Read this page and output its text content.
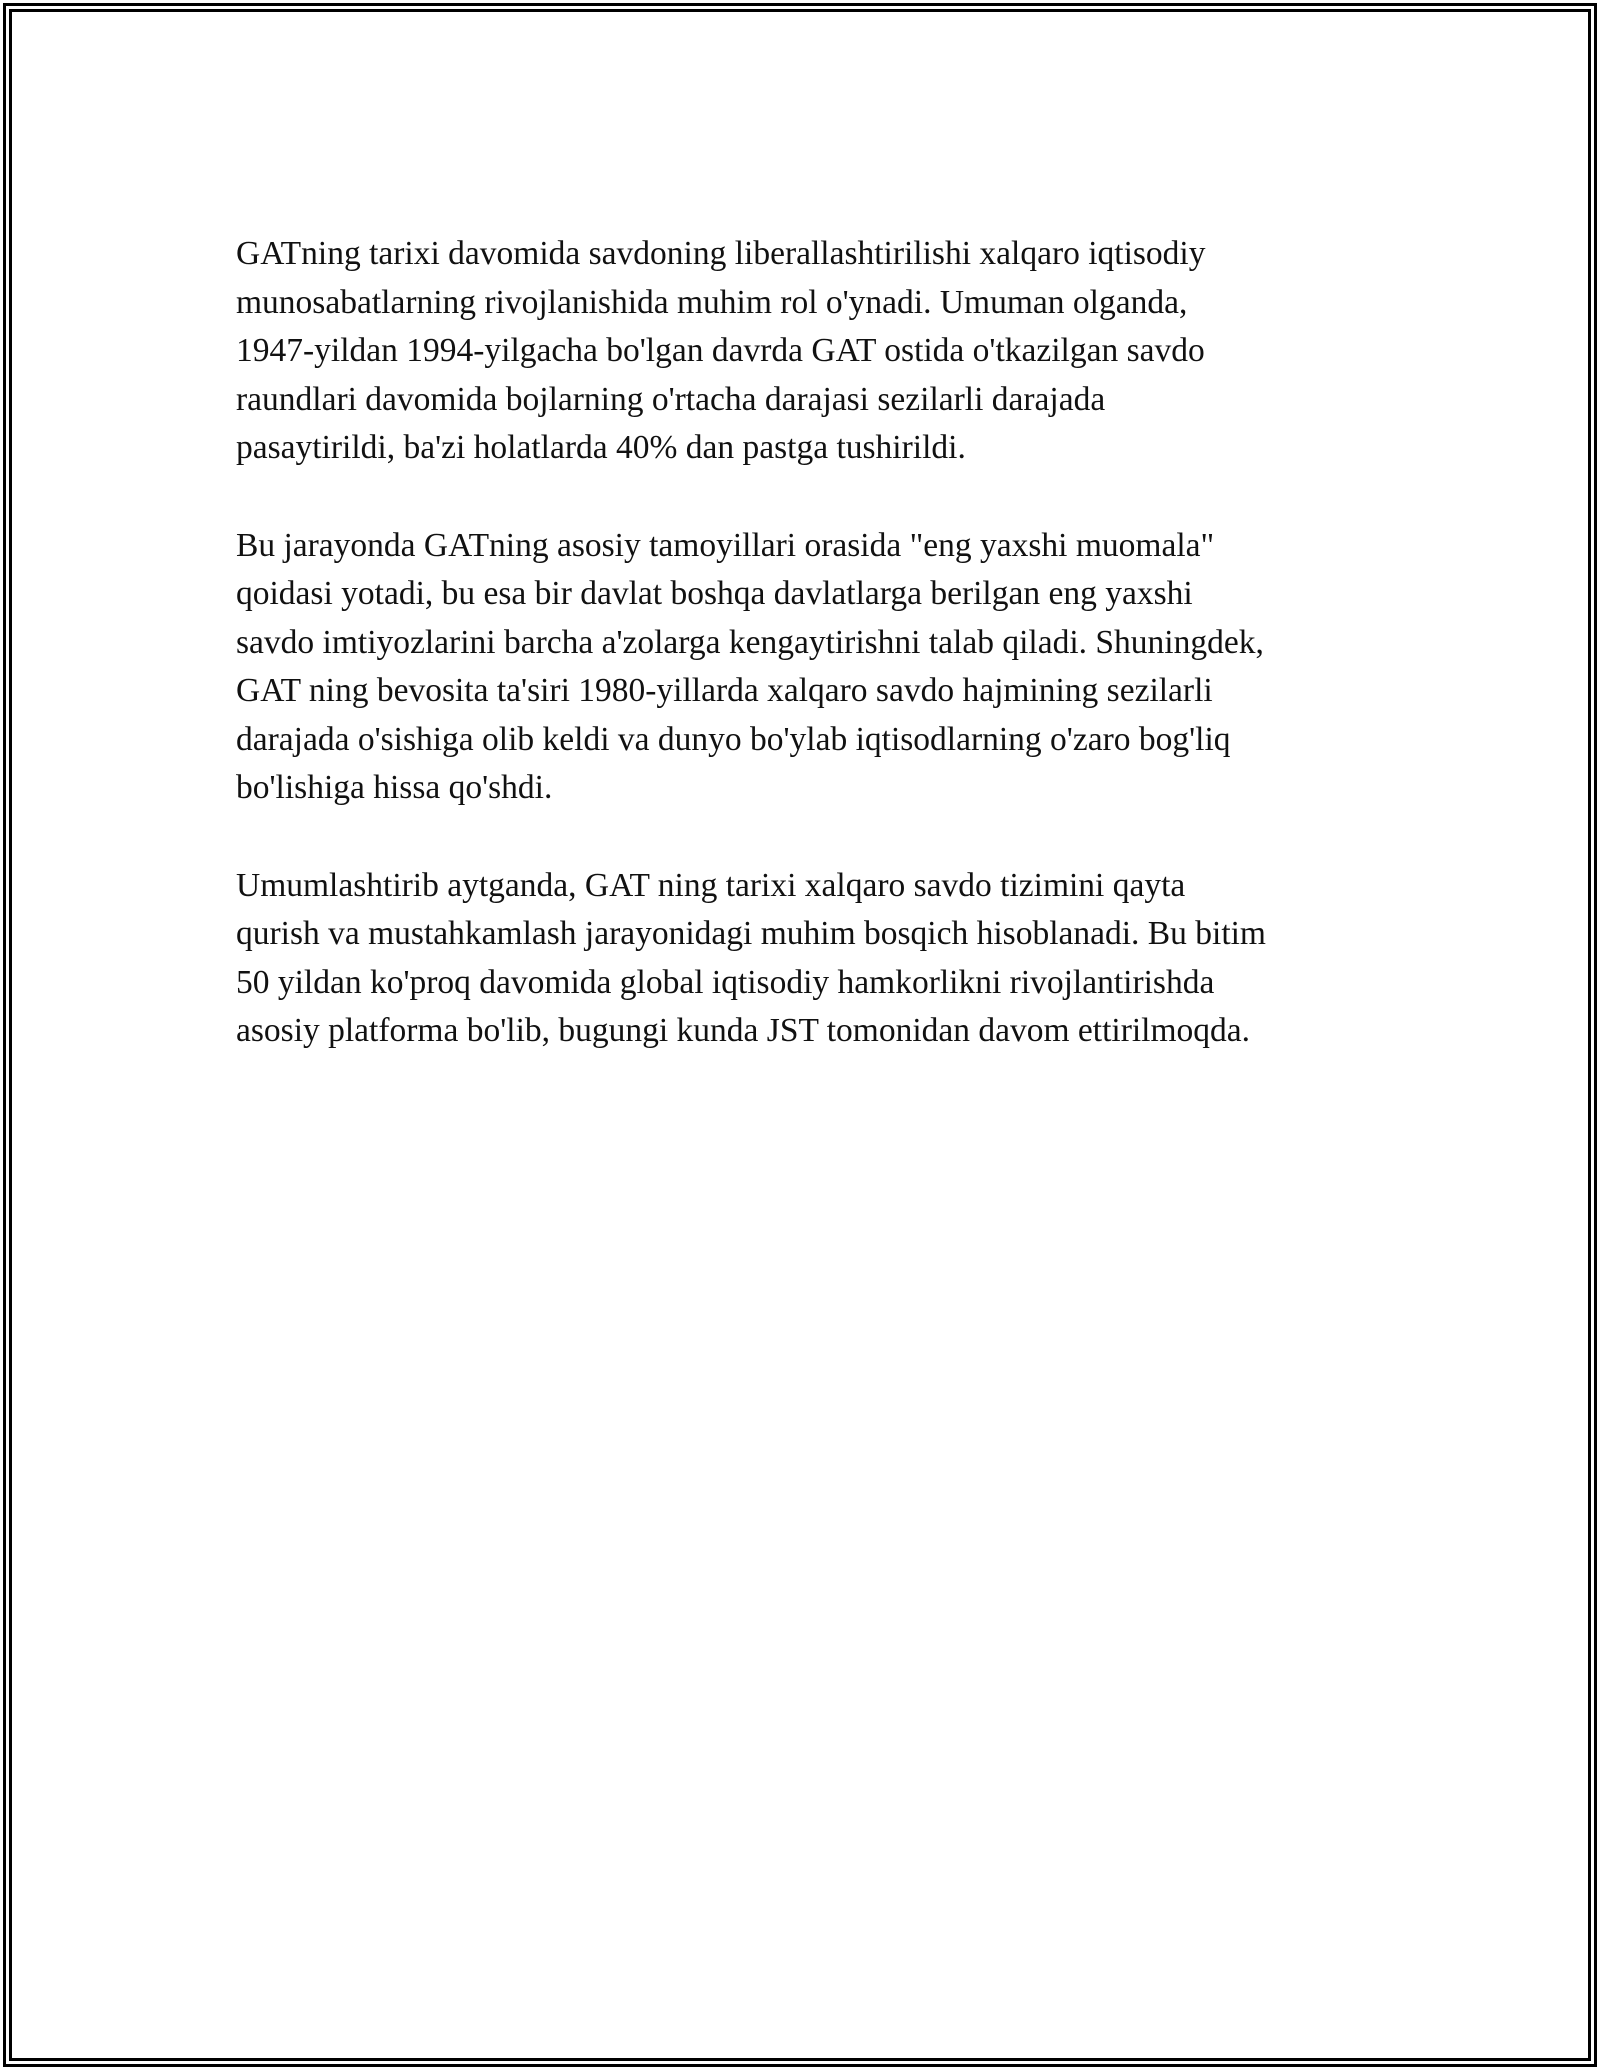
GATning tarixi davomida savdoning liberallashtirilishi xalqaro iqtisodiy
munosabatlarning rivojlanishida muhim rol o'ynadi. Umuman olganda,
1947-yildan 1994-yilgacha bo'lgan davrda GAT ostida o'tkazilgan savdo
raundlari davomida bojlarning o'rtacha darajasi sezilarli darajada
pasaytirildi, ba'zi holatlarda 40% dan pastga tushirildi.

Bu jarayonda GATning asosiy tamoyillari orasida "eng yaxshi muomala"
qoidasi yotadi, bu esa bir davlat boshqa davlatlarga berilgan eng yaxshi
savdo imtiyozlarini barcha a'zolarga kengaytirishni talab qiladi. Shuningdek,
GAT ning bevosita ta'siri 1980-yillarda xalqaro savdo hajmining sezilarli
darajada o'sishiga olib keldi va dunyo bo'ylab iqtisodlarning o'zaro bog'liq
bo'lishiga hissa qo'shdi.

Umumlashtirib aytganda, GAT ning tarixi xalqaro savdo tizimini qayta
qurish va mustahkamlash jarayonidagi muhim bosqich hisoblanadi. Bu bitim
50 yildan ko'proq davomida global iqtisodiy hamkorlikni rivojlantirishda
asosiy platforma bo'lib, bugungi kunda JST tomonidan davom ettirilmoqda.
